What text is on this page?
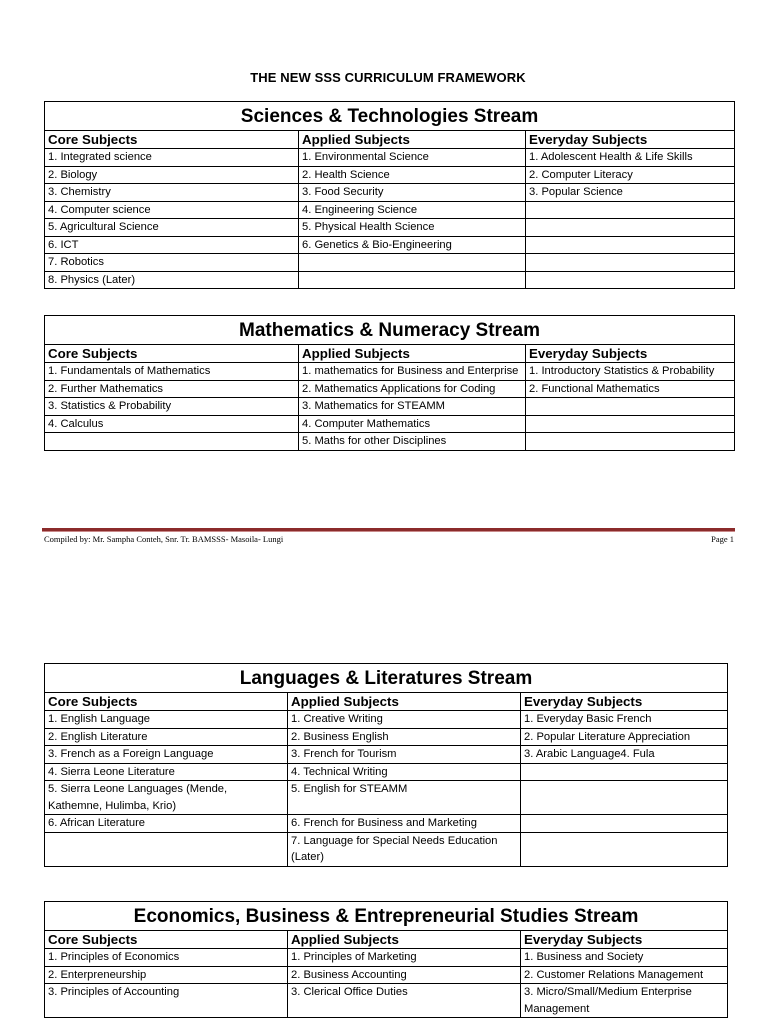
THE NEW SSS CURRICULUM FRAMEWORK
Sciences & Technologies Stream		
Core Subjects	Applied Subjects	Everyday Subjects
1. Integrated science	1. Environmental Science	1. Adolescent Health & Life Skills
2. Biology	2. Health Science	2. Computer Literacy
3. Chemistry	3. Food Security	3. Popular Science
4. Computer science	4. Engineering Science	
5. Agricultural Science	5. Physical Health Science	
6. ICT	6. Genetics & Bio-Engineering	
7. Robotics		
8. Physics (Later)		
Mathematics & Numeracy Stream		
Core Subjects	Applied Subjects	Everyday Subjects
1. Fundamentals of Mathematics	1. mathematics for Business and Enterprise	1. Introductory Statistics & Probability
2. Further Mathematics	2. Mathematics Applications for Coding	2. Functional Mathematics
3. Statistics & Probability	3. Mathematics for STEAMM	
4. Calculus	4. Computer Mathematics	
	5. Maths for other Disciplines	
Compiled by: Mr. Sampha Conteh, Snr. Tr. BAMSSS- Masoila- Lungi	Page 1
Languages & Literatures Stream		
Core Subjects	Applied Subjects	Everyday Subjects
1. English Language	1. Creative Writing	1. Everyday Basic French
2. English Literature	2. Business English	2. Popular Literature Appreciation
3. French as a Foreign Language	3. French for Tourism	3. Arabic Language4. Fula
4. Sierra Leone Literature	4. Technical Writing	
5. Sierra Leone Languages (Mende, Kathemne, Hulimba, Krio)	5. English for STEAMM	
6. African Literature	6. French for Business and Marketing	
	7. Language for Special Needs Education (Later)	
Economics, Business & Entrepreneurial Studies Stream		
Core Subjects	Applied Subjects	Everyday Subjects
1. Principles of Economics	1. Principles of Marketing	1. Business and Society
2. Enterpreneurship	2. Business Accounting	2. Customer Relations Management
3. Principles of Accounting	3. Clerical Office Duties	3. Micro/Small/Medium Enterprise Management
